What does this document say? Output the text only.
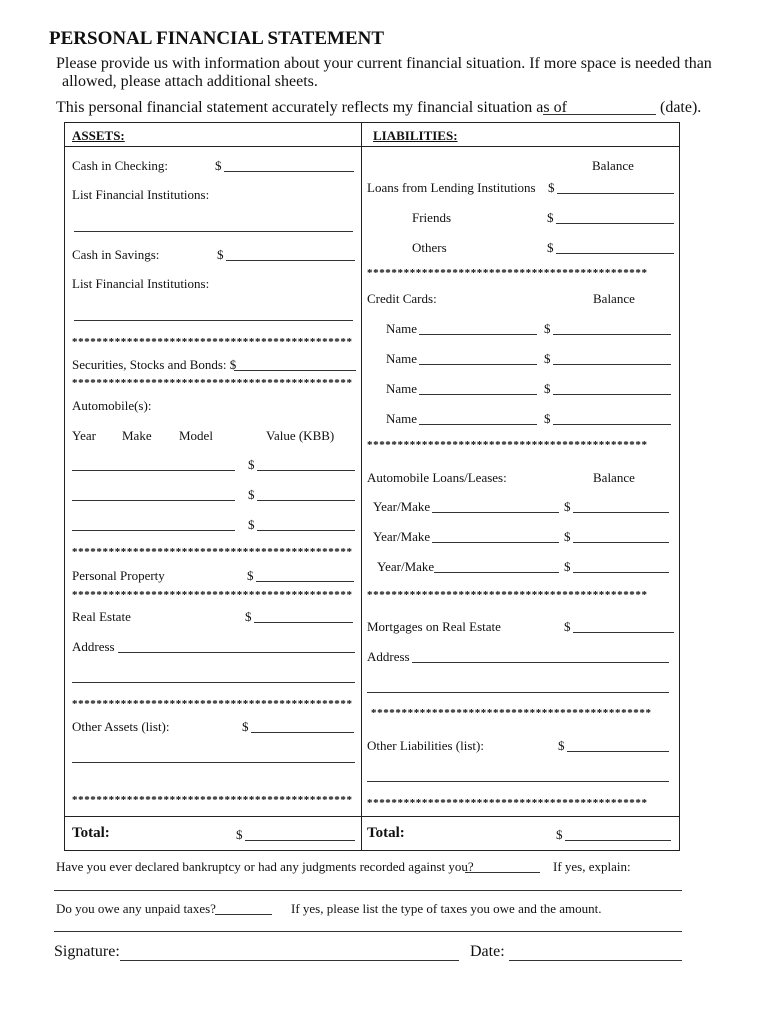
PERSONAL FINANCIAL STATEMENT
Please provide us with information about your current financial situation. If more space is needed than
allowed, please attach additional sheets.
This personal financial statement accurately reflects my financial situation as of	(date).
ASSETS:
Cash in Checking:	$
List Financial Institutions:
Cash in Savings:	$
List Financial Institutions:
**********************************************
Securities, Stocks and Bonds: $
**********************************************
Automobile(s):
Year Make Model	Value (KBB)
$
$
$
**********************************************
Personal Property	$
**********************************************
Real Estate	$
Address
**********************************************
Other Assets (list):	$
**********************************************
Total:	$
LIABILITIES:
Balance
Loans from Lending Institutions $
Friends	$
Others	$
**********************************************
Credit Cards:	Balance
Name	$
Name	$
Name	$
Name	$
**********************************************
Automobile Loans/Leases:	Balance
Year/Make	$
Year/Make	$
Year/Make	$
**********************************************
Mortgages on Real Estate	$
Address
**********************************************
Other Liabilities (list):	$
**********************************************
Total:	$
Have you ever declared bankruptcy or had any judgments recorded against you?	If yes, explain:
Do you owe any unpaid taxes?	If yes, please list the type of taxes you owe and the amount.
Signature:	Date:
